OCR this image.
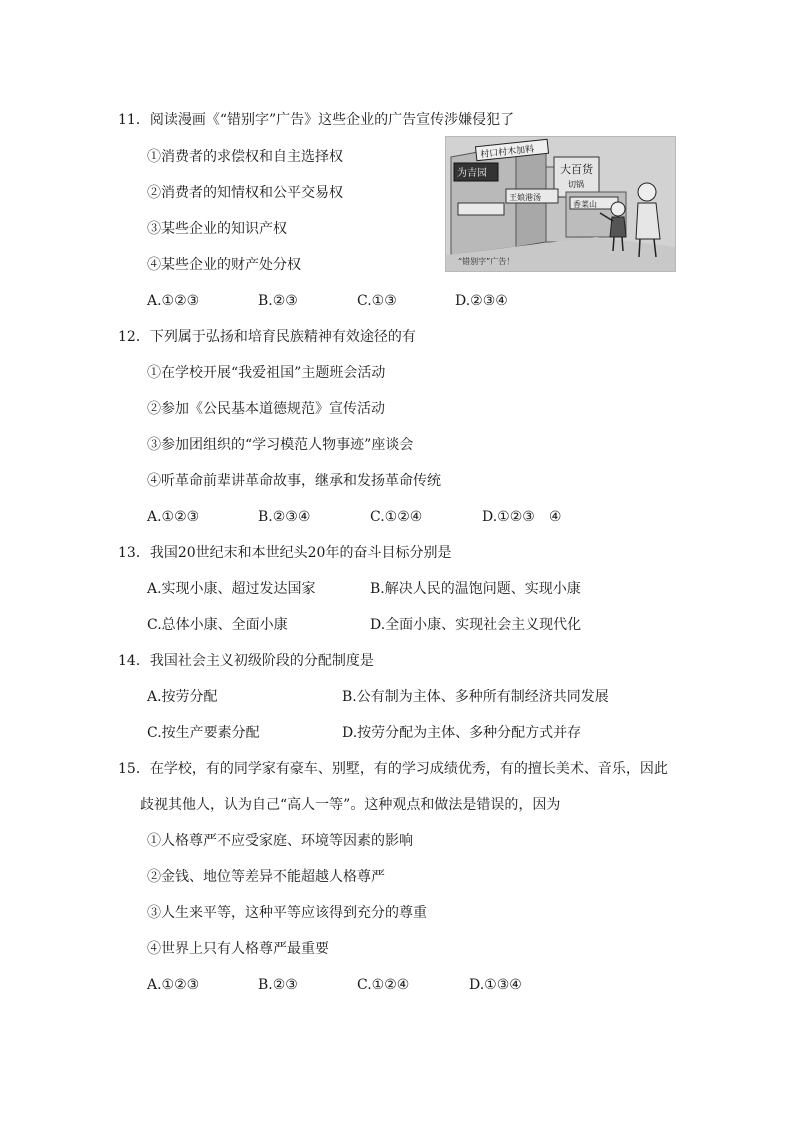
11．阅读漫画《“错别字”广告》这些企业的广告宣传涉嫌侵犯了
①消费者的求偿权和自主选择权
②消费者的知情权和公平交易权
③某些企业的知识产权
④某些企业的财产处分权
A.①②③	B.②③	C.①③	D.②③④
村口村木加料
为吉园	大百货
切锅
王娘港汤
香菜山
“错别字”广告！
12．下列属于弘扬和培育民族精神有效途径的有
①在学校开展“我爱祖国”主题班会活动
②参加《公民基本道德规范》宣传活动
③参加团组织的“学习模范人物事迹”座谈会
④听革命前辈讲革命故事，继承和发扬革命传统
A.①②③	B.②③④	C.①②④	D.①②③　④
13．我国20世纪末和本世纪头20年的奋斗目标分别是
A.实现小康、超过发达国家	B.解决人民的温饱问题、实现小康
C.总体小康、全面小康	D.全面小康、实现社会主义现代化
14．我国社会主义初级阶段的分配制度是
A.按劳分配	B.公有制为主体、多种所有制经济共同发展
C.按生产要素分配	D.按劳分配为主体、多种分配方式并存
15．在学校，有的同学家有豪车、别墅，有的学习成绩优秀，有的擅长美术、音乐，因此
歧视其他人，认为自己“高人一等”。这种观点和做法是错误的，因为
①人格尊严不应受家庭、环境等因素的影响
②金钱、地位等差异不能超越人格尊严
③人生来平等，这种平等应该得到充分的尊重
④世界上只有人格尊严最重要
A.①②③	B.②③	C.①②④	D.①③④
